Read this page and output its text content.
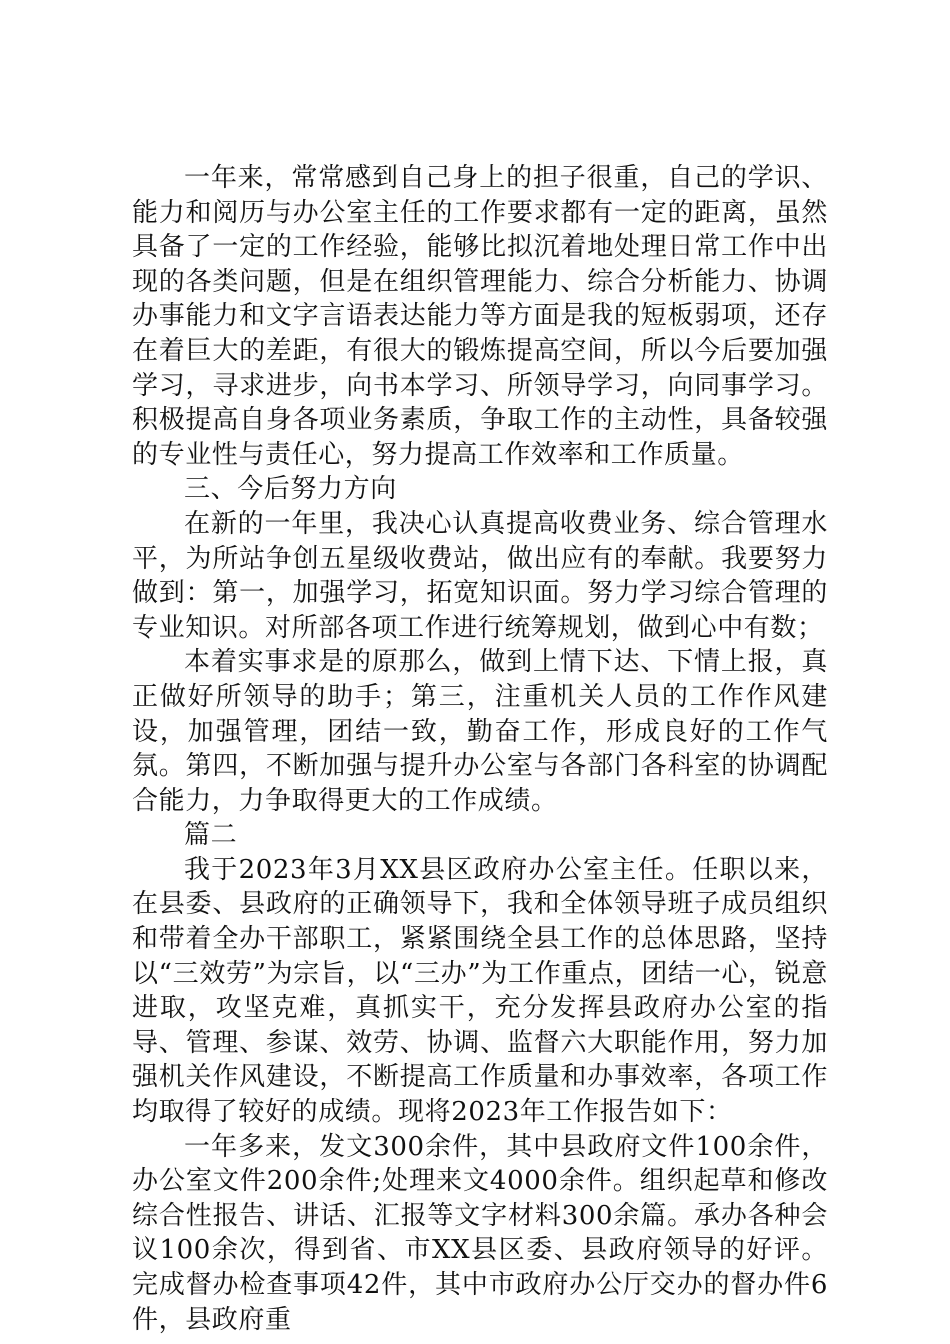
一年来，常常感到自己身上的担子很重，自己的学识、能力和阅历与办公室主任的工作要求都有一定的距离，虽然具备了一定的工作经验，能够比拟沉着地处理日常工作中出现的各类问题，但是在组织管理能力、综合分析能力、协调办事能力和文字言语表达能力等方面是我的短板弱项，还存在着巨大的差距，有很大的锻炼提高空间，所以今后要加强学习，寻求进步，向书本学习、所领导学习，向同事学习。积极提高自身各项业务素质，争取工作的主动性，具备较强的专业性与责任心，努力提高工作效率和工作质量。

三、今后努力方向

在新的一年里，我决心认真提高收费业务、综合管理水平，为所站争创五星级收费站，做出应有的奉献。我要努力做到：第一，加强学习，拓宽知识面。努力学习综合管理的专业知识。对所部各项工作进行统筹规划，做到心中有数；

本着实事求是的原那么，做到上情下达、下情上报，真正做好所领导的助手；第三，注重机关人员的工作作风建设，加强管理，团结一致，勤奋工作，形成良好的工作气氛。第四，不断加强与提升办公室与各部门各科室的协调配合能力，力争取得更大的工作成绩。

篇二

我于2023年3月XX县区政府办公室主任。任职以来，在县委、县政府的正确领导下，我和全体领导班子成员组织和带着全办干部职工，紧紧围绕全县工作的总体思路，坚持以“三效劳”为宗旨，以“三办”为工作重点，团结一心，锐意进取，攻坚克难，真抓实干，充分发挥县政府办公室的指导、管理、参谋、效劳、协调、监督六大职能作用，努力加强机关作风建设，不断提高工作质量和办事效率，各项工作均取得了较好的成绩。现将2023年工作报告如下：

一年多来，发文300余件，其中县政府文件100余件，办公室文件200余件;处理来文4000余件。组织起草和修改综合性报告、讲话、汇报等文字材料300余篇。承办各种会议100余次，得到省、市XX县区委、县政府领导的好评。完成督办检查事项42件，其中市政府办公厅交办的督办件6件，县政府重
